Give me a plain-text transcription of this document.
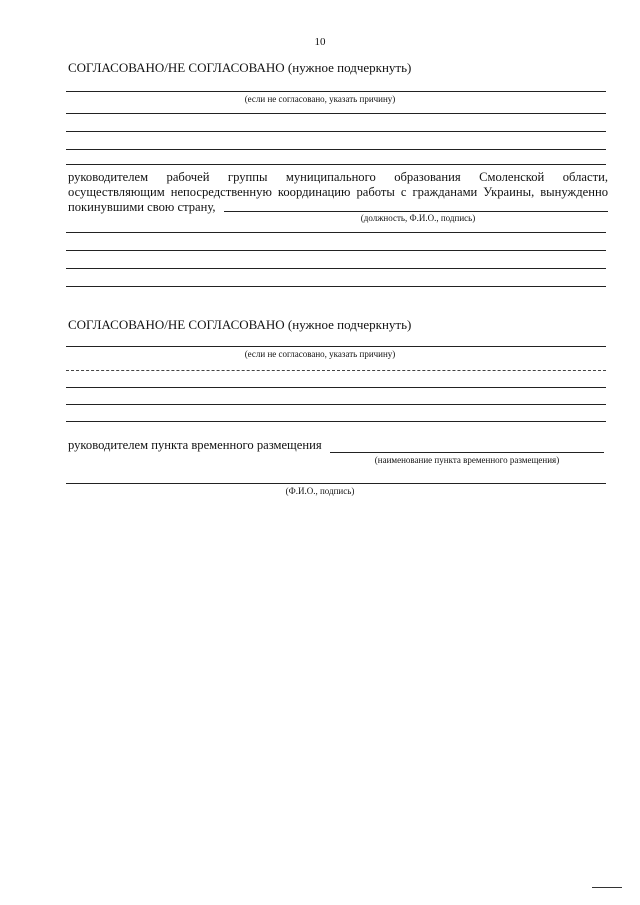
10
СОГЛАСОВАНО/НЕ СОГЛАСОВАНО (нужное подчеркнуть)
(если не согласовано, указать причину)
руководителем рабочей группы муниципального образования Смоленской области, осуществляющим непосредственную координацию работы с гражданами Украины, вынужденно покинувшими свою страну,
(должность, Ф.И.О., подпись)
СОГЛАСОВАНО/НЕ СОГЛАСОВАНО (нужное подчеркнуть)
(если не согласовано, указать причину)
руководителем пункта временного размещения
(наименование пункта временного размещения)
(Ф.И.О., подпись)
